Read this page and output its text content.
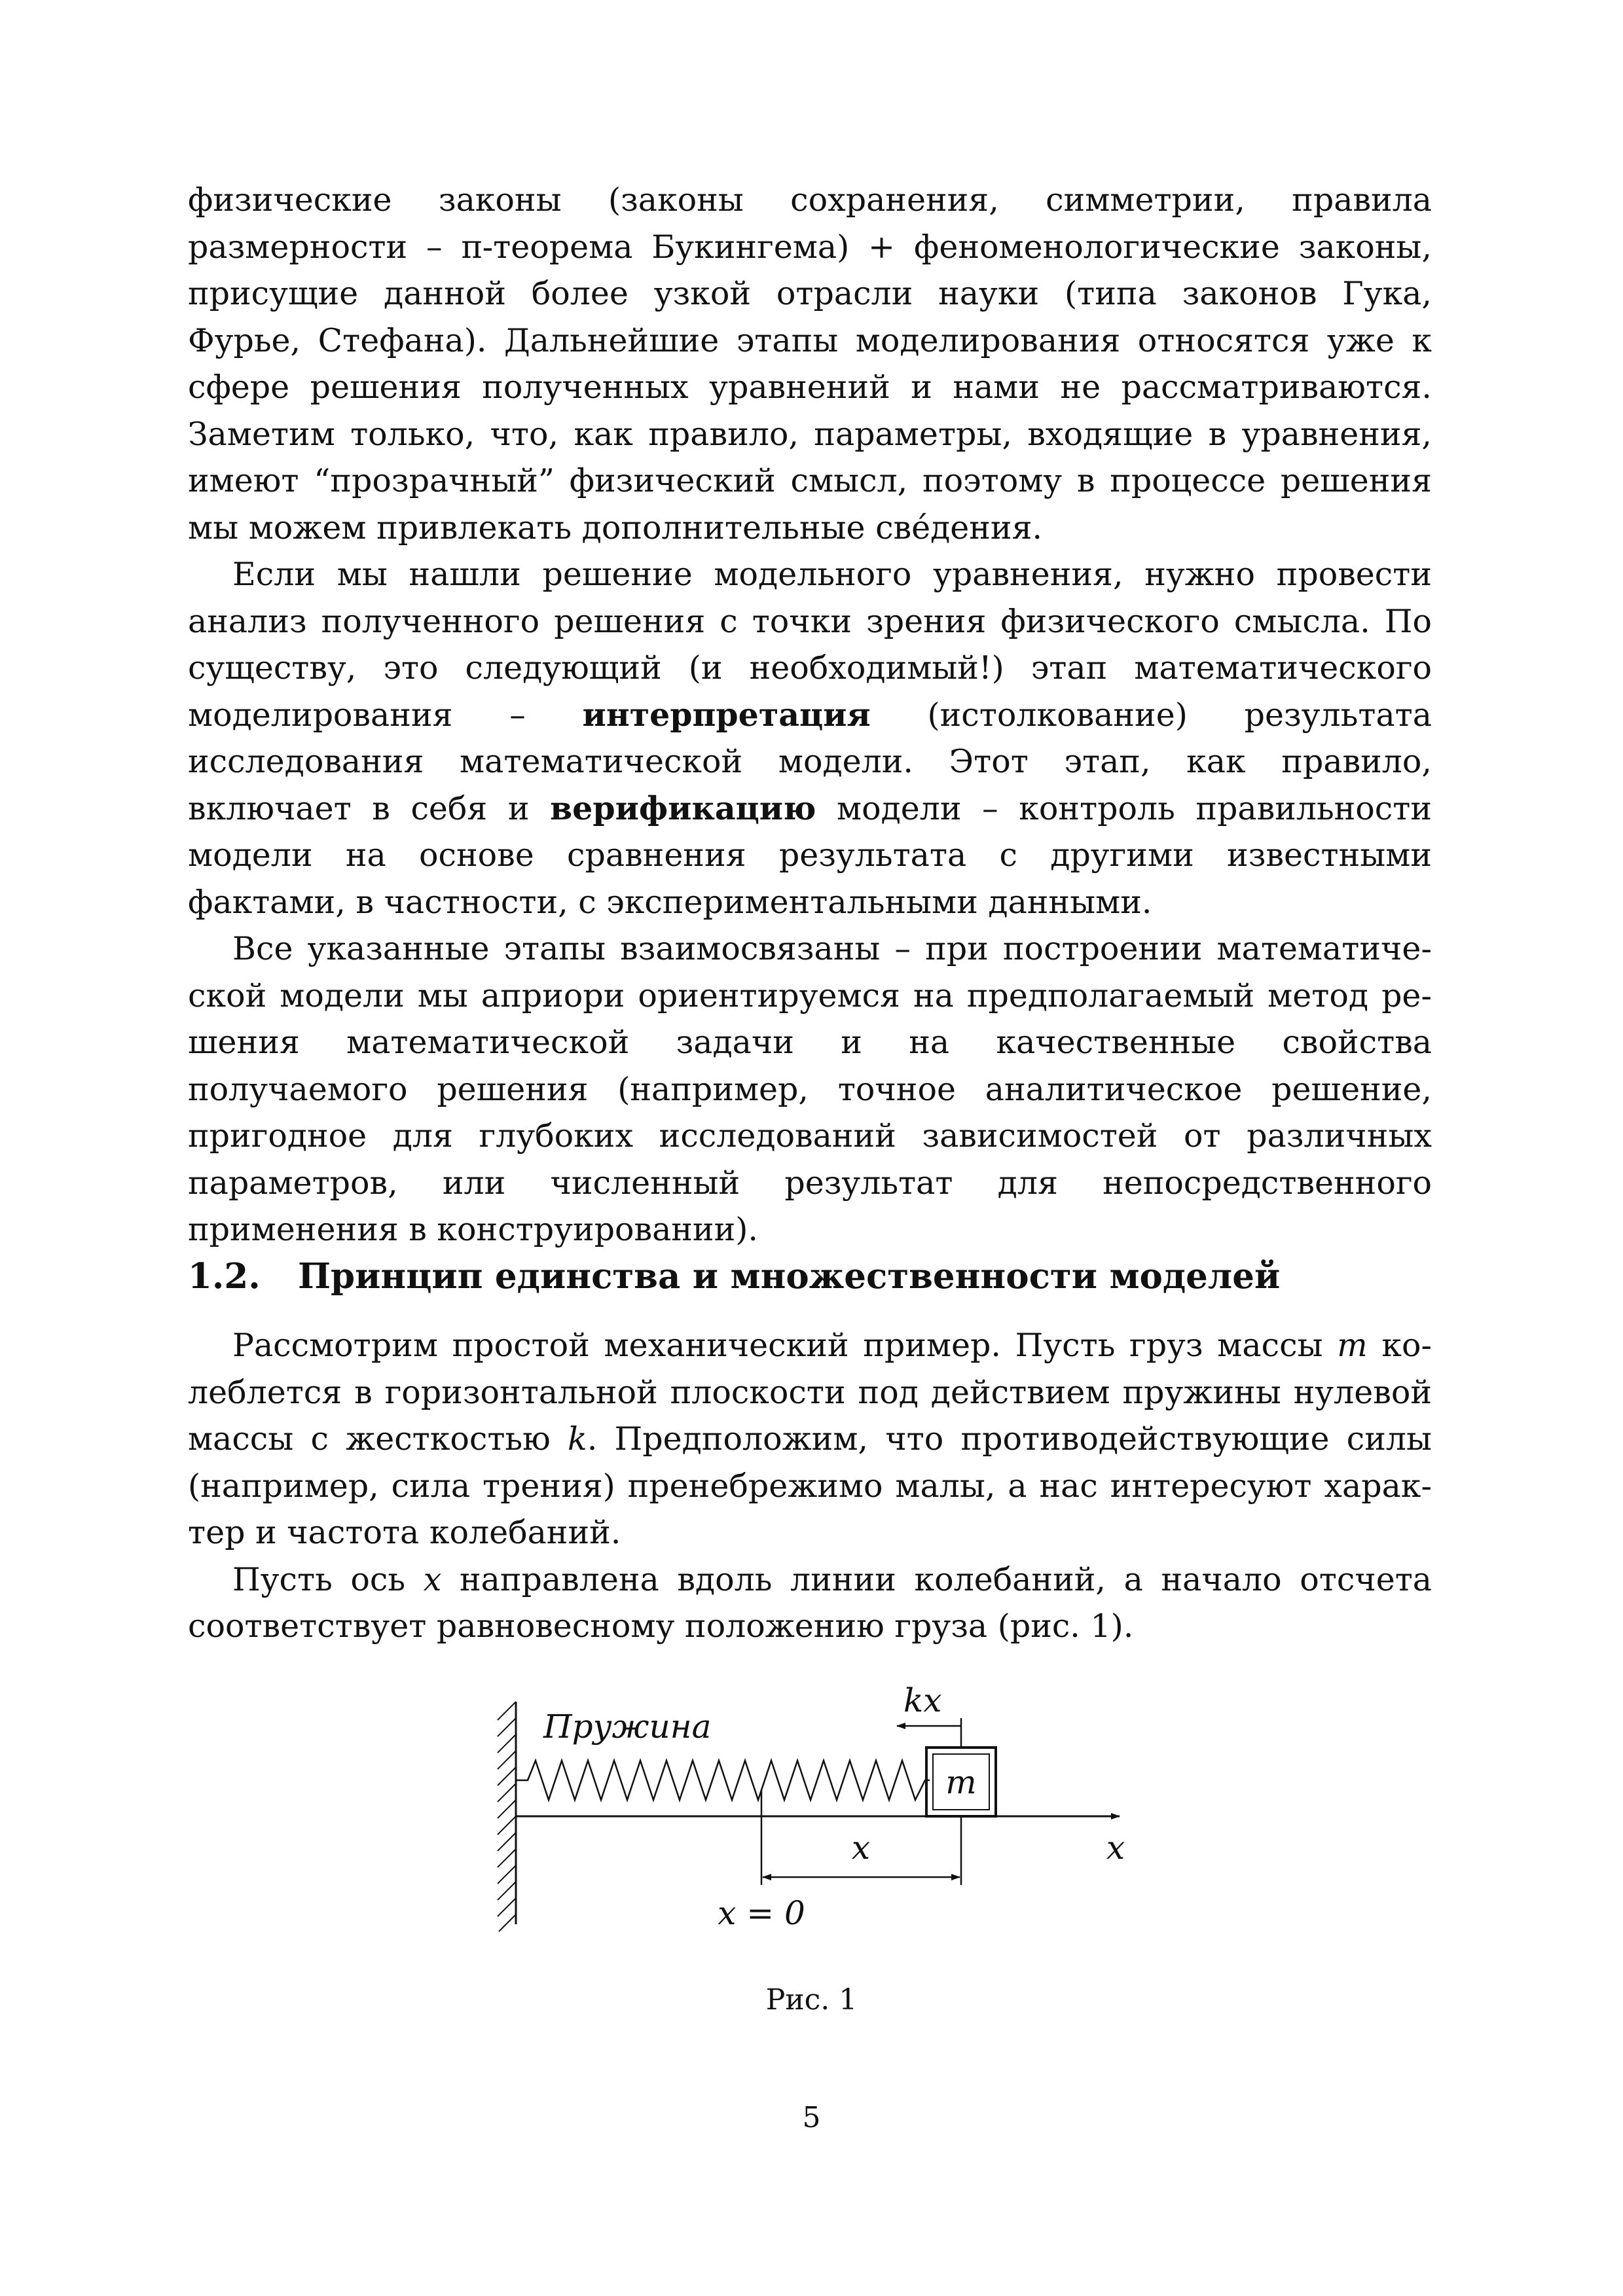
физические законы (законы сохранения, симметрии, правила размерности – π-теорема Букингема) + феноменологические законы, присущие данной более узкой отрасли науки (типа законов Гука, Фурье, Стефана). Дальнейшие этапы моделирования относятся уже к сфере решения полученных уравнений и нами не рассматриваются. Заметим только, что, как правило, параметры, входящие в уравнения, имеют “прозрачный” физический смысл, поэтому в процессе решения мы можем привлекать дополнительные свéдения.

Если мы нашли решение модельного уравнения, нужно провести анализ полученного решения с точки зрения физического смысла. По существу, это следующий (и необходимый!) этап математического моделирования – интерпретация (истолкование) результата исследования математической модели. Этот этап, как правило, включает в себя и верификацию модели – контроль правильности модели на основе сравнения результата с другими известными фактами, в частности, с экспериментальными данными.

Все указанные этапы взаимосвязаны – при построении математической модели мы априори ориентируемся на предполагаемый метод решения математической задачи и на качественные свойства получаемого решения (например, точное аналитическое решение, пригодное для глубоких исследований зависимостей от различных параметров, или численный результат для непосредственного применения в конструировании).

1.2. Принцип единства и множественности моделей

Рассмотрим простой механический пример. Пусть груз массы m колеблется в горизонтальной плоскости под действием пружины нулевой массы с жесткостью k. Предположим, что противодействующие силы (например, сила трения) пренебрежимо малы, а нас интересуют характер и частота колебаний.

Пусть ось x направлена вдоль линии колебаний, а начало отсчета соответствует равновесному положению груза (рис. 1).

Пружина
m
x
kx
x
x = 0
Рис. 1
5
